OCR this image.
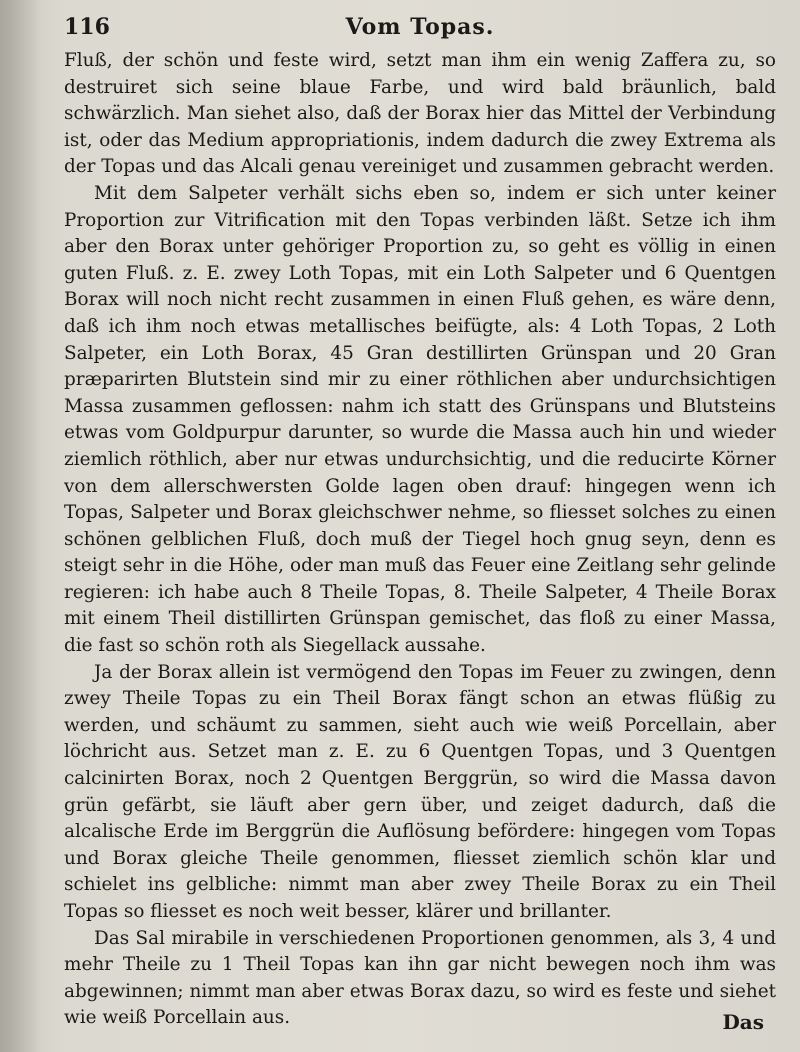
116	Vom Topas.

Fluß, der schön und feste wird, setzt man ihm ein wenig Zaffera zu, so destruiret sich seine blaue Farbe, und wird bald bräunlich, bald schwärzlich. Man siehet also, daß der Borax hier das Mittel der Verbindung ist, oder das Medium appropriationis, indem dadurch die zwey Extrema als der Topas und das Alcali genau vereiniget und zusammen gebracht werden.

Mit dem Salpeter verhält sichs eben so, indem er sich unter keiner Proportion zur Vitrification mit den Topas verbinden läßt. Setze ich ihm aber den Borax unter gehöriger Proportion zu, so geht es völlig in einen guten Fluß. z. E. zwey Loth Topas, mit ein Loth Salpeter und 6 Quentgen Borax will noch nicht recht zusammen in einen Fluß gehen, es wäre denn, daß ich ihm noch etwas metallisches beifügte, als: 4 Loth Topas, 2 Loth Salpeter, ein Loth Borax, 45 Gran destillirten Grünspan und 20 Gran præparirten Blutstein sind mir zu einer röthlichen aber undurchsichtigen Massa zusammen geflossen: nahm ich statt des Grünspans und Blutsteins etwas vom Goldpurpur darunter, so wurde die Massa auch hin und wieder ziemlich röthlich, aber nur etwas undurchsichtig, und die reducirte Körner von dem allerschwersten Golde lagen oben drauf: hingegen wenn ich Topas, Salpeter und Borax gleichschwer nehme, so fliesset solches zu einen schönen gelblichen Fluß, doch muß der Tiegel hoch gnug seyn, denn es steigt sehr in die Höhe, oder man muß das Feuer eine Zeitlang sehr gelinde regieren: ich habe auch 8 Theile Topas, 8. Theile Salpeter, 4 Theile Borax mit einem Theil distillirten Grünspan gemischet, das floß zu einer Massa, die fast so schön roth als Siegellack aussahe.

Ja der Borax allein ist vermögend den Topas im Feuer zu zwingen, denn zwey Theile Topas zu ein Theil Borax fängt schon an etwas flüßig zu werden, und schäumt zu sammen, sieht auch wie weiß Porcellain, aber löchricht aus. Setzet man z. E. zu 6 Quentgen Topas, und 3 Quentgen calcinirten Borax, noch 2 Quentgen Berggrün, so wird die Massa davon grün gefärbt, sie läuft aber gern über, und zeiget dadurch, daß die alcalische Erde im Berggrün die Auflösung befördere: hingegen vom Topas und Borax gleiche Theile genommen, fliesset ziemlich schön klar und schielet ins gelbliche: nimmt man aber zwey Theile Borax zu ein Theil Topas so fliesset es noch weit besser, klärer und brillanter.

Das Sal mirabile in verschiedenen Proportionen genommen, als 3, 4 und mehr Theile zu 1 Theil Topas kan ihn gar nicht bewegen noch ihm was abgewinnen; nimmt man aber etwas Borax dazu, so wird es feste und siehet wie weiß Porcellain aus.	Das
